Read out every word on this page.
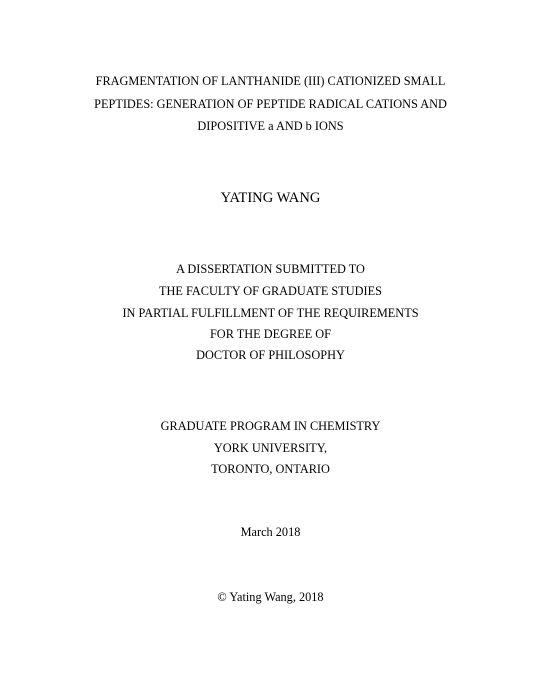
FRAGMENTATION OF LANTHANIDE (III) CATIONIZED SMALL
PEPTIDES: GENERATION OF PEPTIDE RADICAL CATIONS AND
DIPOSITIVE a AND b IONS
YATING WANG
A DISSERTATION SUBMITTED TO
THE FACULTY OF GRADUATE STUDIES
IN PARTIAL FULFILLMENT OF THE REQUIREMENTS
FOR THE DEGREE OF
DOCTOR OF PHILOSOPHY
GRADUATE PROGRAM IN CHEMISTRY
YORK UNIVERSITY,
TORONTO, ONTARIO
March 2018
© Yating Wang, 2018
